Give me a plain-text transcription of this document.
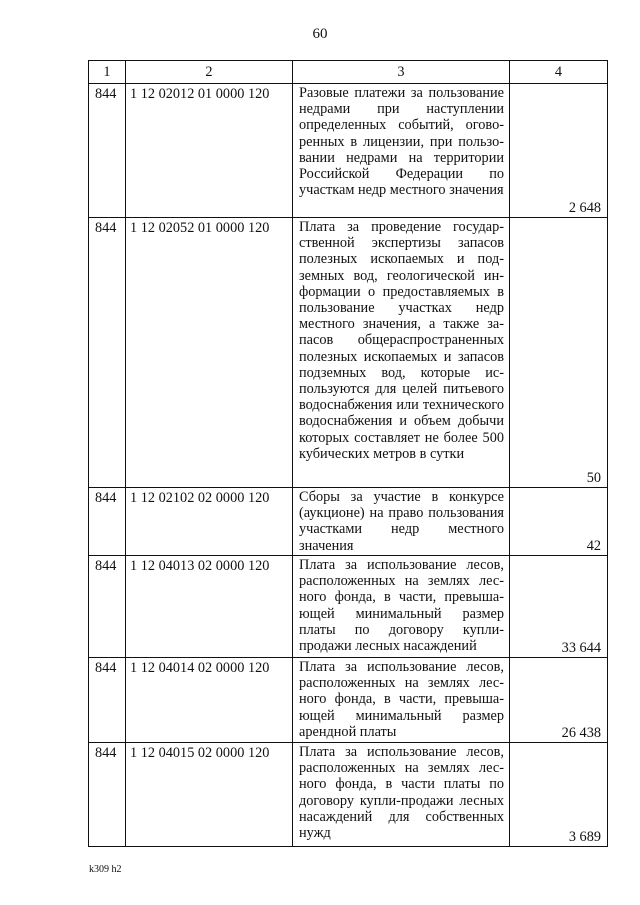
60
1	2	3	4
844	1 12 02012 01 0000 120	Разовые платежи за пользование недрами при наступлении определенных событий, оговоренных в лицензии, при пользовании недрами на территории Российской Федерации по участкам недр местного значения	2 648
844	1 12 02052 01 0000 120	Плата за проведение государственной экспертизы запасов полезных ископаемых и подземных вод, геологической информации о предоставляемых в пользование участках недр местного значения, а также запасов общераспространенных полезных ископаемых и запасов подземных вод, которые используются для целей питьевого водоснабжения или технического водоснабжения и объем добычи которых составляет не более 500 кубических метров в сутки	50
844	1 12 02102 02 0000 120	Сборы за участие в конкурсе (аукционе) на право пользования участками недр местного значения	42
844	1 12 04013 02 0000 120	Плата за использование лесов, расположенных на землях лесного фонда, в части, превышающей минимальный размер платы по договору купли-продажи лесных насаждений	33 644
844	1 12 04014 02 0000 120	Плата за использование лесов, расположенных на землях лесного фонда, в части, превышающей минимальный размер арендной платы	26 438
844	1 12 04015 02 0000 120	Плата за использование лесов, расположенных на землях лесного фонда, в части платы по договору купли-продажи лесных насаждений для собственных нужд	3 689
k309 h2
